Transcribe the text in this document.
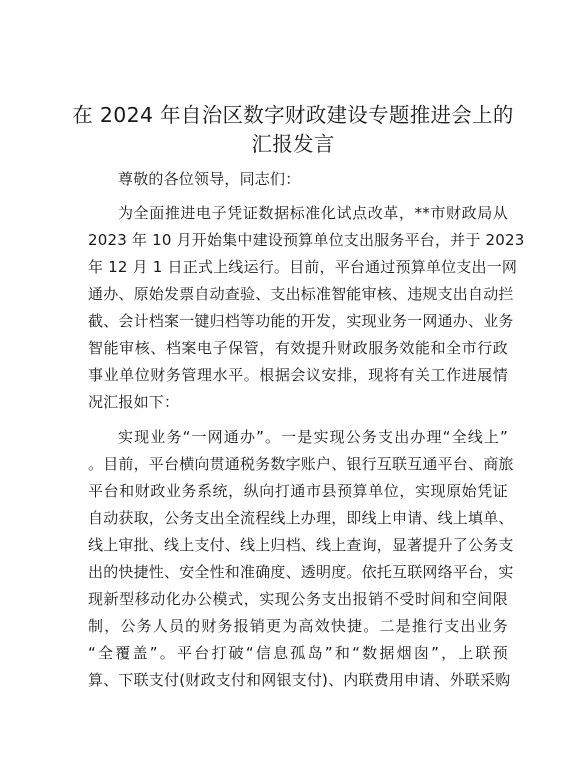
在 2024 年自治区数字财政建设专题推进会上的
汇报发言
尊敬的各位领导，同志们：
为全面推进电子凭证数据标准化试点改革，**市财政局从
2023 年 10 月开始集中建设预算单位支出服务平台，并于 2023
年 12 月 1 日正式上线运行。目前，平台通过预算单位支出一网
通办、原始发票自动查验、支出标准智能审核、违规支出自动拦
截、会计档案一键归档等功能的开发，实现业务一网通办、业务
智能审核、档案电子保管，有效提升财政服务效能和全市行政
事业单位财务管理水平。根据会议安排，现将有关工作进展情
况汇报如下：
实现业务“一网通办”。一是实现公务支出办理“全线上”
。目前，平台横向贯通税务数字账户、银行互联互通平台、商旅
平台和财政业务系统，纵向打通市县预算单位，实现原始凭证
自动获取，公务支出全流程线上办理，即线上申请、线上填单、
线上审批、线上支付、线上归档、线上查询，显著提升了公务支
出的快捷性、安全性和准确度、透明度。依托互联网络平台，实
现新型移动化办公模式，实现公务支出报销不受时间和空间限
制，公务人员的财务报销更为高效快捷。二是推行支出业务
“全覆盖”。平台打破“信息孤岛”和“数据烟囱”，上联预
算、下联支付(财政支付和网银支付)、内联费用申请、外联采购
